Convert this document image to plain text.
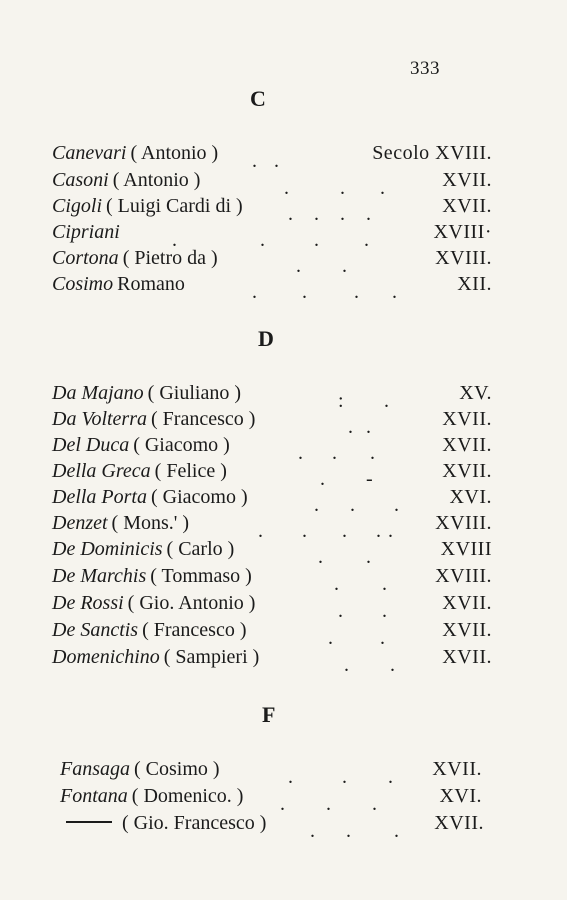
333
C
Canevari ( Antonio ) . .	Secolo XVIII.
Casoni ( Antonio )	.	. .	XVII.
Cigoli ( Luigi Cardi di ) . . . .	XVII.
Cipriani	.	. . .	XVIII·
Cortona ( Pietro da )	. .	XVIII.
Cosimo Romano	. . . .	XII.
D
Da Majano ( Giuliano )	: .	XV.
Da Volterra ( Francesco )	. .	XVII.
Del Duca ( Giacomo )	. . .	XVII.
Della Greca ( Felice )	. -	XVII.
Della Porta ( Giacomo )	. . .	XVI.
Denzet ( Mons.' )	. . . . . XVIII.
De Dominicis ( Carlo )	. .	XVIII
De Marchis ( Tommaso )	. . XVIII.
De Rossi ( Gio. Antonio )	. .	XVII.
De Sanctis ( Francesco )	. .	XVII.
Domenichino ( Sampieri )	. . XVII.
F
Fansaga ( Cosimo )	. . . XVII.
Fontana ( Domenico. ) . . .	XVI.
( Gio. Francesco ) . . . XVII.
